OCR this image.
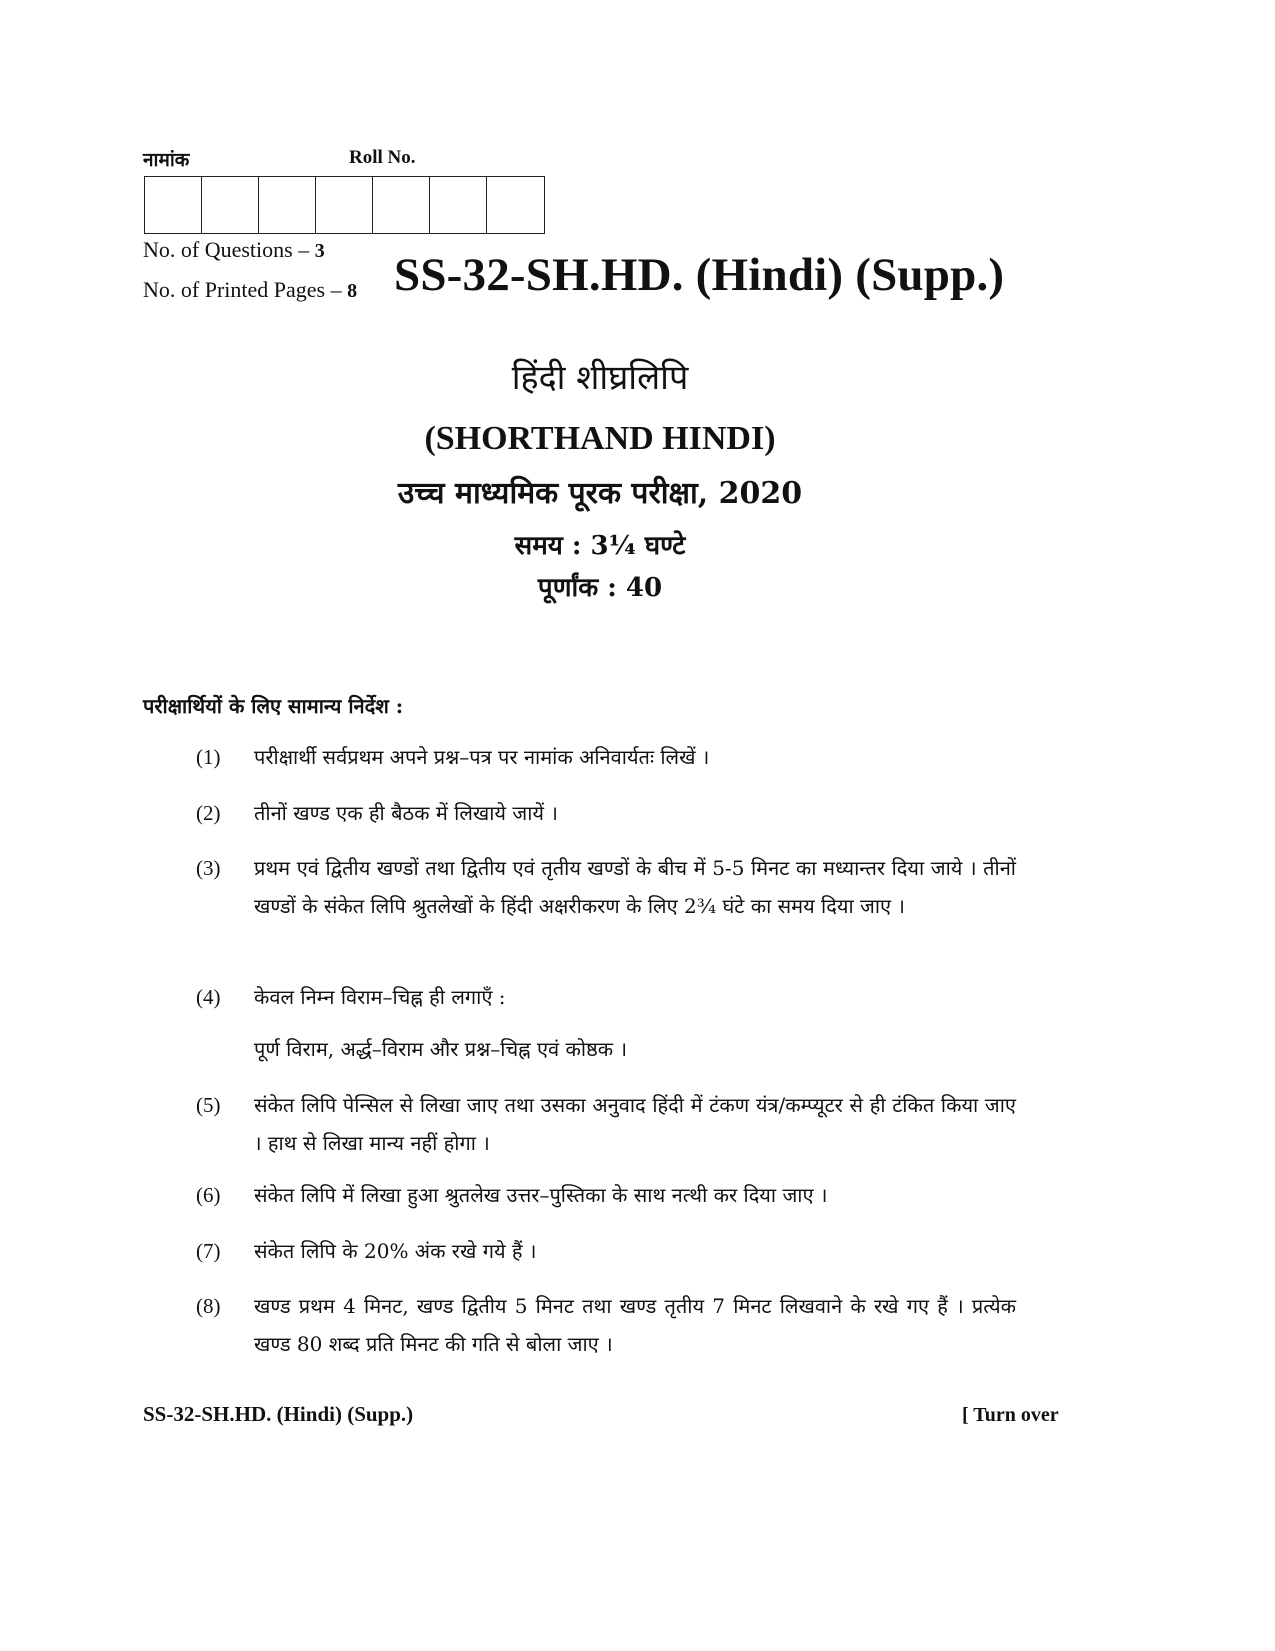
नामांक	Roll No.
No. of Questions – 3
No. of Printed Pages – 8 SS-32-SH.HD. (Hindi) (Supp.)
हिंदी शीघ्रलिपि
(SHORTHAND HINDI)
उच्च माध्यमिक पूरक परीक्षा, 2020
समय : 3¼ घण्टे
पूर्णांक : 40
परीक्षार्थियों के लिए सामान्य निर्देश :
(1) परीक्षार्थी सर्वप्रथम अपने प्रश्न–पत्र पर नामांक अनिवार्यतः लिखें ।
(2) तीनों खण्ड एक ही बैठक में लिखाये जायें ।
(3) प्रथम एवं द्वितीय खण्डों तथा द्वितीय एवं तृतीय खण्डों के बीच में 5-5 मिनट का मध्यान्तर दिया जाये । तीनों खण्डों के संकेत लिपि श्रुतलेखों के हिंदी अक्षरीकरण के लिए 2¾ घंटे का समय दिया जाए ।
(4) केवल निम्न विराम–चिह्न ही लगाएँ :
पूर्ण विराम, अर्द्ध–विराम और प्रश्न–चिह्न एवं कोष्ठक ।
(5) संकेत लिपि पेन्सिल से लिखा जाए तथा उसका अनुवाद हिंदी में टंकण यंत्र/कम्प्यूटर से ही टंकित किया जाए । हाथ से लिखा मान्य नहीं होगा ।
(6) संकेत लिपि में लिखा हुआ श्रुतलेख उत्तर–पुस्तिका के साथ नत्थी कर दिया जाए ।
(7) संकेत लिपि के 20% अंक रखे गये हैं ।
(8) खण्ड प्रथम 4 मिनट, खण्ड द्वितीय 5 मिनट तथा खण्ड तृतीय 7 मिनट लिखवाने के रखे गए हैं । प्रत्येक खण्ड 80 शब्द प्रति मिनट की गति से बोला जाए ।
SS-32-SH.HD. (Hindi) (Supp.)	[ Turn over
